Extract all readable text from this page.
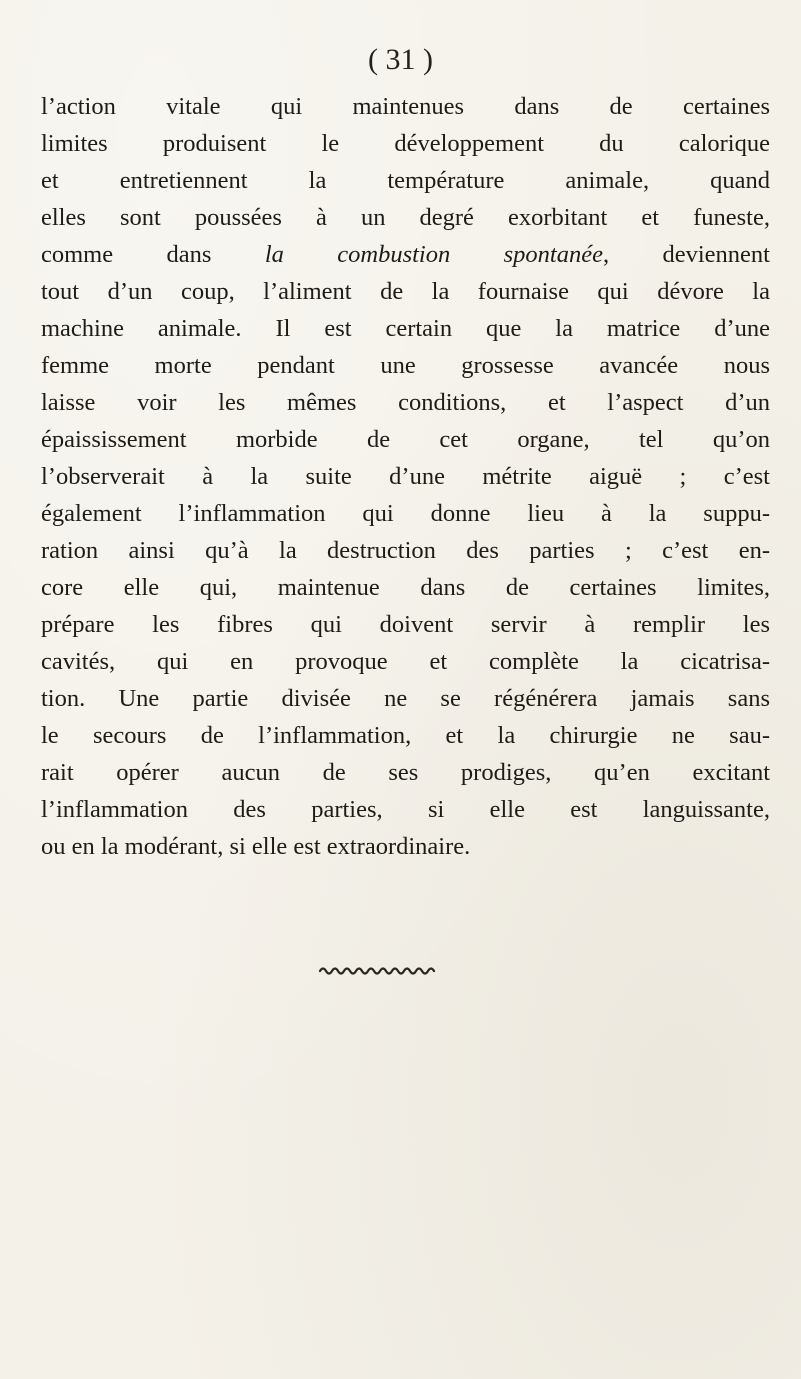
( 31 )
l’action vitale qui maintenues dans de certaines
limites produisent le développement du calorique
et entretiennent la température animale, quand
elles sont poussées à un degré exorbitant et funeste,
comme dans la combustion spontanée, deviennent
tout d’un coup, l’aliment de la fournaise qui dévore la
machine animale. Il est certain que la matrice d’une
femme morte pendant une grossesse avancée nous
laisse voir les mêmes conditions, et l’aspect d’un
épaississement morbide de cet organe, tel qu’on
l’observerait à la suite d’une métrite aiguë ; c’est
également l’inflammation qui donne lieu à la suppu-
ration ainsi qu’à la destruction des parties ; c’est en-
core elle qui, maintenue dans de certaines limites,
prépare les fibres qui doivent servir à remplir les
cavités, qui en provoque et complète la cicatrisa-
tion. Une partie divisée ne se régénérera jamais sans
le secours de l’inflammation, et la chirurgie ne sau-
rait opérer aucun de ses prodiges, qu’en excitant
l’inflammation des parties, si elle est languissante,
ou en la modérant, si elle est extraordinaire.
